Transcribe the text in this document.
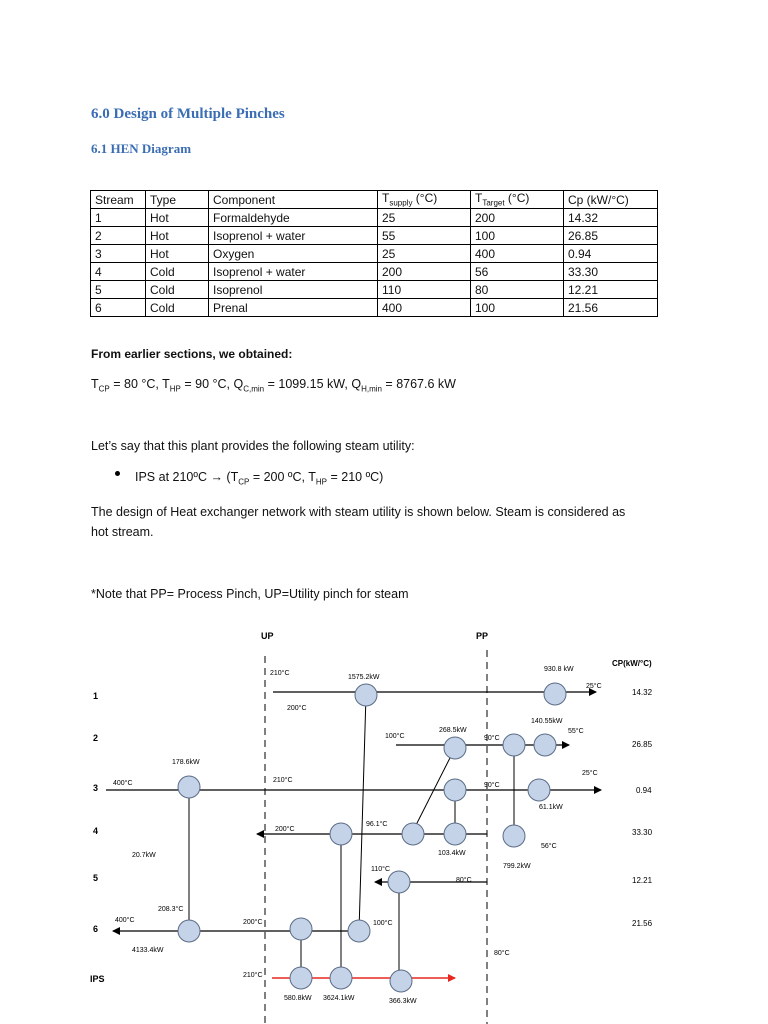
6.0 Design of Multiple Pinches
6.1 HEN Diagram
Stream	Type	Component	$T_{supply}$ (°C)	$T_{Target}$ (°C)	Cp (kW/°C)
1	Hot	Formaldehyde	25	200	14.32
2	Hot	Isoprenol + water	55	100	26.85
3	Hot	Oxygen	25	400	0.94
4	Cold	Isoprenol + water	200	56	33.30
5	Cold	Isoprenol	110	80	12.21
6	Cold	Prenal	400	100	21.56
From earlier sections, we obtained:
$T_{CP} = 80$ °C, $T_{HP} = 90$ °C, $Q_{C,min} = 1099.15$ kW, $Q_{H,min} = 8767.6$ kW
Let’s say that this plant provides the following steam utility:
IPS at 210ºC → ($T_{CP} = 200$ ºC, $T_{HP} = 210$ ºC)
The design of Heat exchanger network with steam utility is shown below. Steam is considered as
hot stream.
*Note that PP= Process Pinch, UP=Utility pinch for steam
UP	PP
CP(kW/°C)
1
2
3
4
5
6
IPS
14.32
26.85
0.94
33.30
12.21
21.56
210°C
200°C
25°C
100°C	90°C
55°C
400°C	210°C
90°C
25°C
200°C
96.1°C
56°C
110°C
80°C
400°C
208.3°C
200°C	100°C
80°C
210°C
1575.2kW
930.8 kW
268.5kW
140.55kW
178.6kW
61.1kW
20.7kW	103.4kW
799.2kW
4133.4kW
580.8kW 3624.1kW	366.3kW
